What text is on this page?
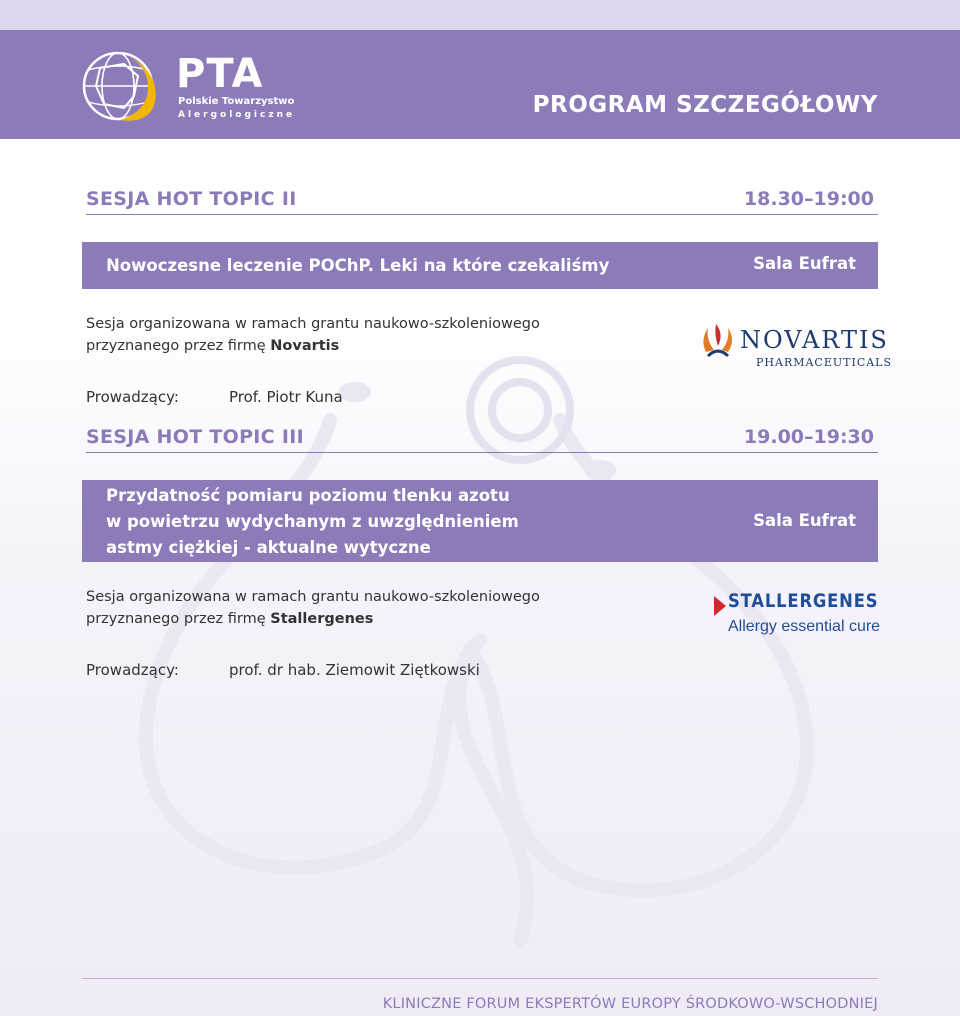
PTA
Polskie Towarzystwo
Alergologiczne	PROGRAM SZCZEGÓŁOWY
SESJA HOT TOPIC II	18.30–19:00
Nowoczesne leczenie POChP. Leki na które czekaliśmy	Sala Eufrat
Sesja organizowana w ramach grantu naukowo-szkoleniowego
przyznanego przez firmę Novartis	NOVARTIS
PHARMACEUTICALS
Prowadzący:	Prof. Piotr Kuna
SESJA HOT TOPIC III	19.00–19:30
Przydatność pomiaru poziomu tlenku azotu
w powietrzu wydychanym z uwzględnieniem
astmy ciężkiej - aktualne wytyczne
Sala Eufrat
Sesja organizowana w ramach grantu naukowo-szkoleniowego
przyznanego przez firmę Stallergenes
STALLERGENES
Allergy essential cure
Prowadzący:	prof. dr hab. Ziemowit Ziętkowski
KLINICZNE FORUM EKSPERTÓW EUROPY ŚRODKOWO-WSCHODNIEJ
